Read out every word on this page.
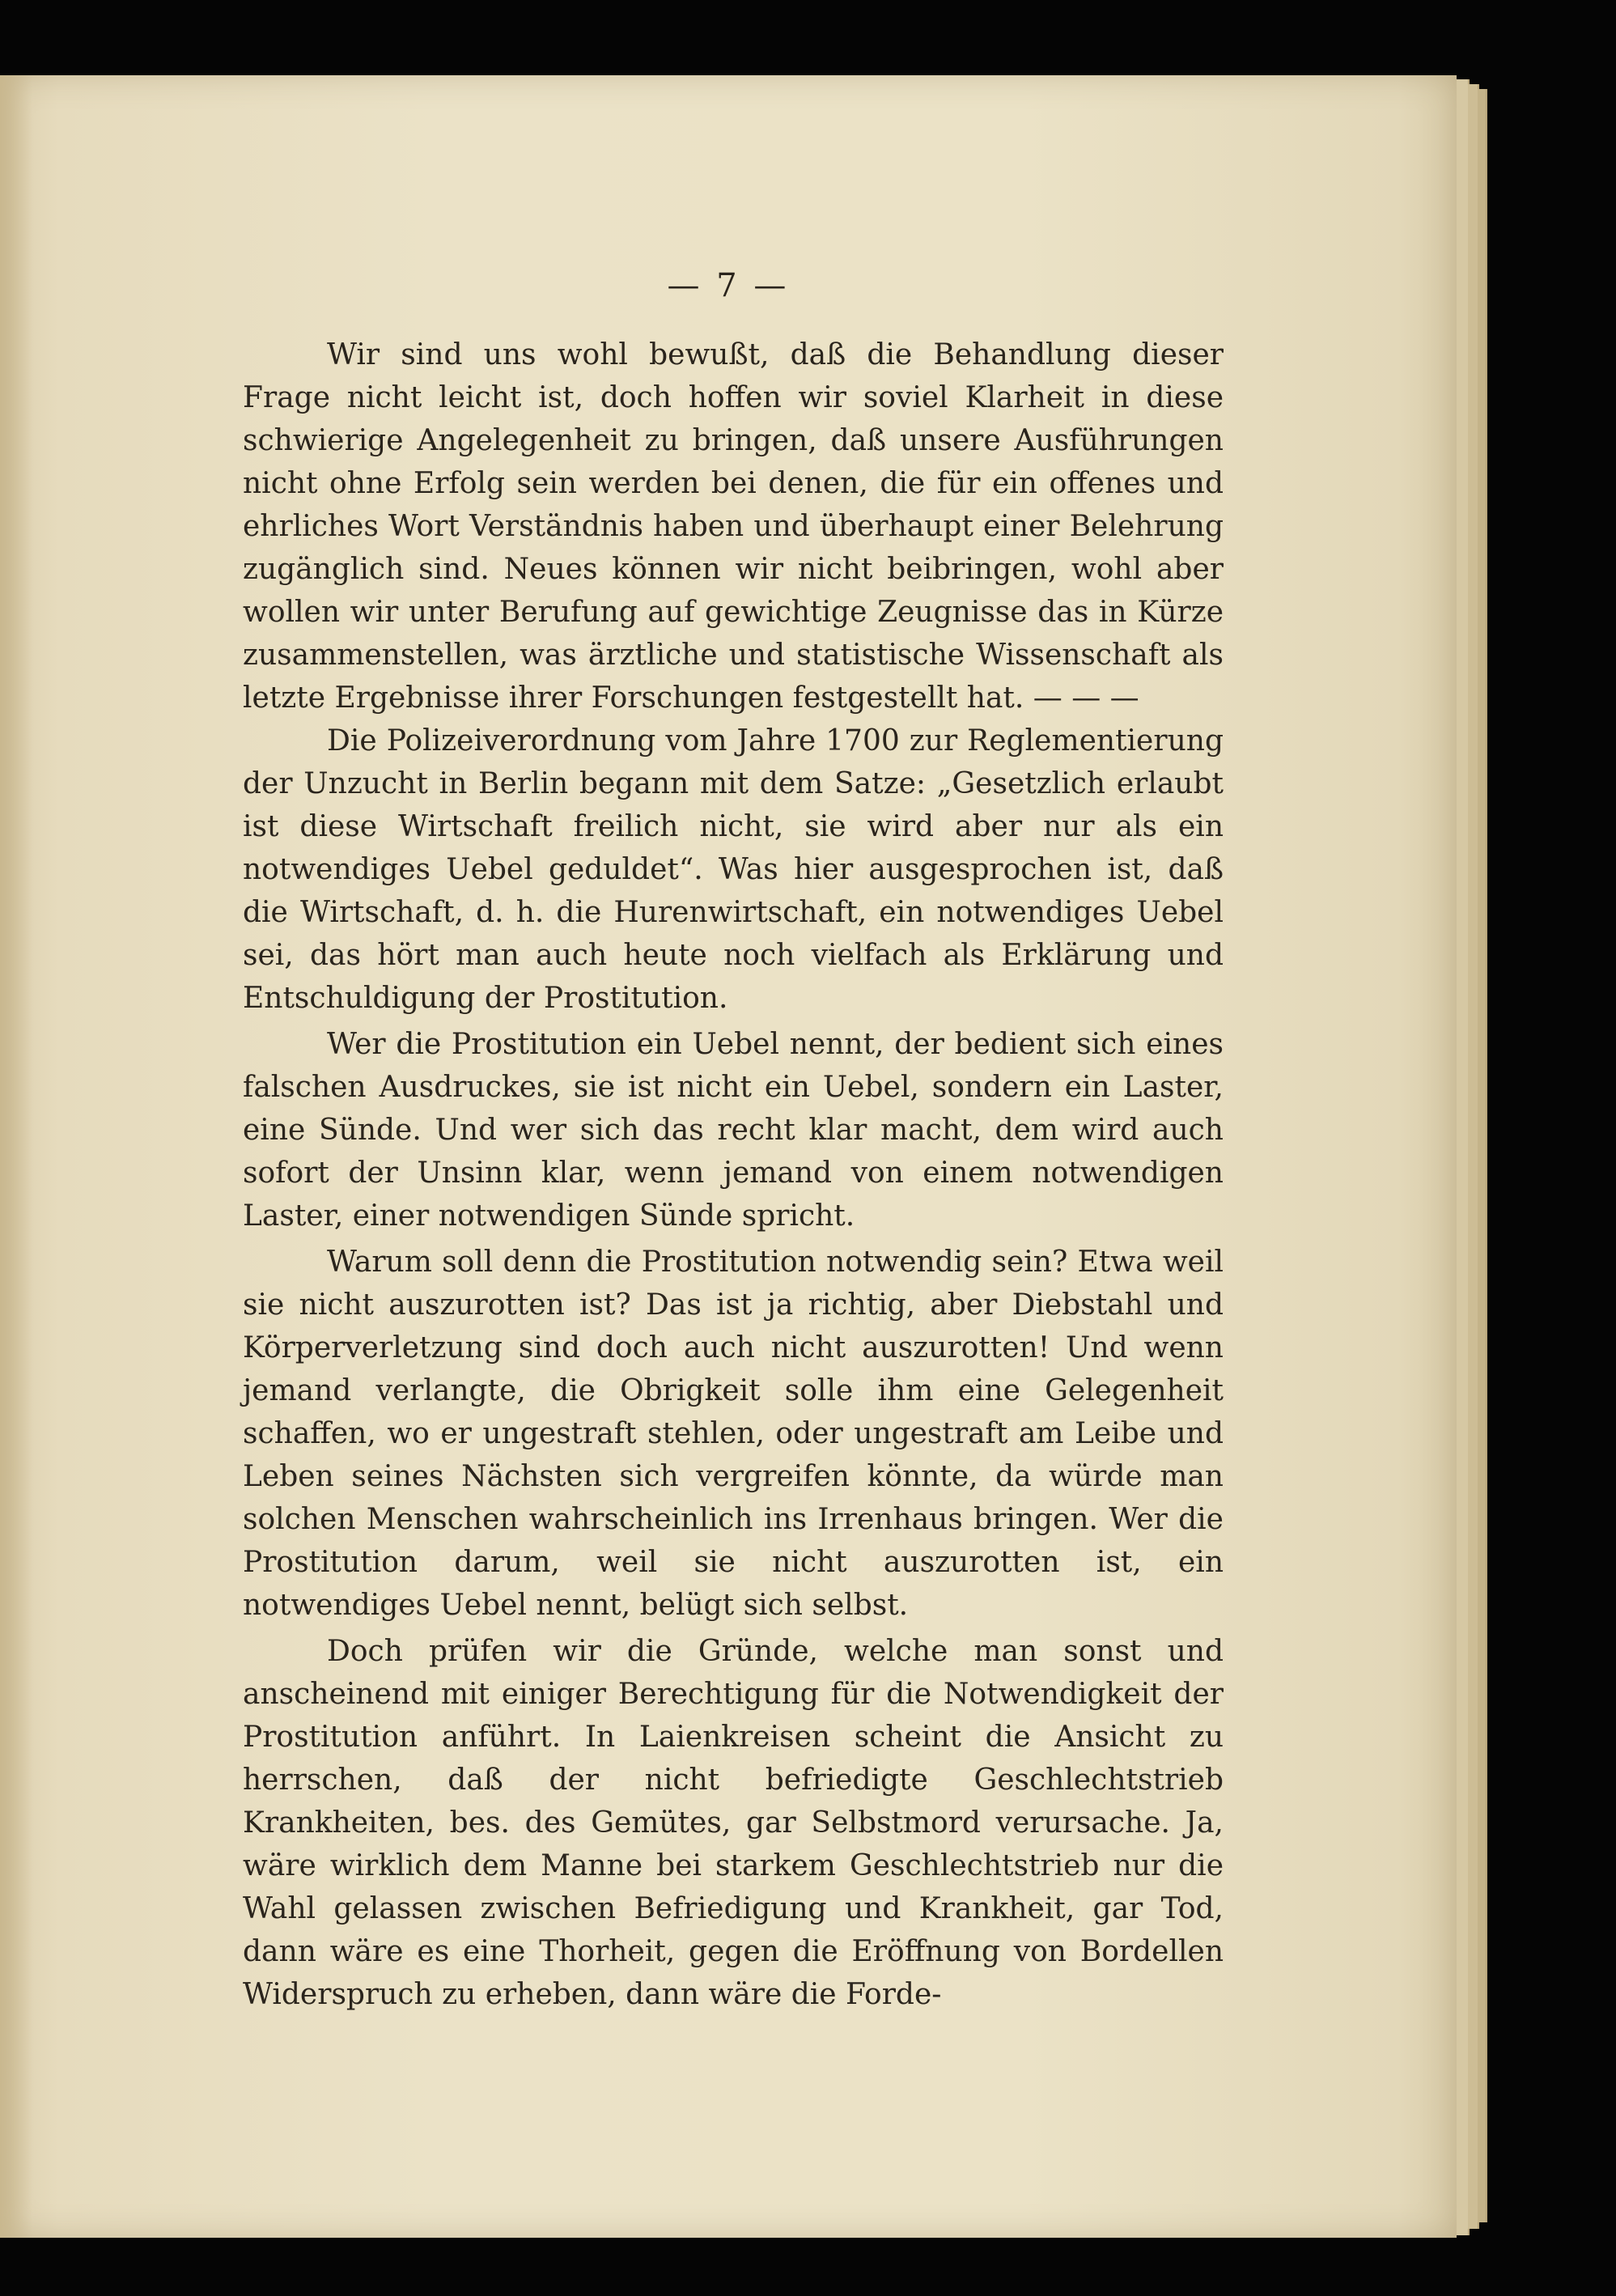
— 7 —

Wir sind uns wohl bewußt, daß die Behandlung dieser Frage nicht leicht ist, doch hoffen wir soviel Klarheit in diese schwierige Angelegenheit zu bringen, daß unsere Ausführungen nicht ohne Erfolg sein werden bei denen, die für ein offenes und ehrliches Wort Verständnis haben und überhaupt einer Belehrung zugänglich sind. Neues können wir nicht beibringen, wohl aber wollen wir unter Berufung auf gewichtige Zeugnisse das in Kürze zusammenstellen, was ärztliche und statistische Wissenschaft als letzte Ergebnisse ihrer Forschungen festgestellt hat. — — —

Die Polizeiverordnung vom Jahre 1700 zur Reglementierung der Unzucht in Berlin begann mit dem Satze: „Gesetzlich erlaubt ist diese Wirtschaft freilich nicht, sie wird aber nur als ein notwendiges Uebel geduldet“. Was hier ausgesprochen ist, daß die Wirtschaft, d. h. die Hurenwirtschaft, ein notwendiges Uebel sei, das hört man auch heute noch vielfach als Erklärung und Entschuldigung der Prostitution.

Wer die Prostitution ein Uebel nennt, der bedient sich eines falschen Ausdruckes, sie ist nicht ein Uebel, sondern ein Laster, eine Sünde. Und wer sich das recht klar macht, dem wird auch sofort der Unsinn klar, wenn jemand von einem notwendigen Laster, einer notwendigen Sünde spricht.

Warum soll denn die Prostitution notwendig sein? Etwa weil sie nicht auszurotten ist? Das ist ja richtig, aber Diebstahl und Körperverletzung sind doch auch nicht auszurotten! Und wenn jemand verlangte, die Obrigkeit solle ihm eine Gelegenheit schaffen, wo er ungestraft stehlen, oder ungestraft am Leibe und Leben seines Nächsten sich vergreifen könnte, da würde man solchen Menschen wahrscheinlich ins Irrenhaus bringen. Wer die Prostitution darum, weil sie nicht auszurotten ist, ein notwendiges Uebel nennt, belügt sich selbst.

Doch prüfen wir die Gründe, welche man sonst und anscheinend mit einiger Berechtigung für die Notwendigkeit der Prostitution anführt. In Laienkreisen scheint die Ansicht zu herrschen, daß der nicht befriedigte Geschlechtstrieb Krankheiten, bes. des Gemütes, gar Selbstmord verursache. Ja, wäre wirklich dem Manne bei starkem Geschlechtstrieb nur die Wahl gelassen zwischen Befriedigung und Krankheit, gar Tod, dann wäre es eine Thorheit, gegen die Eröffnung von Bordellen Widerspruch zu erheben, dann wäre die Forde-
